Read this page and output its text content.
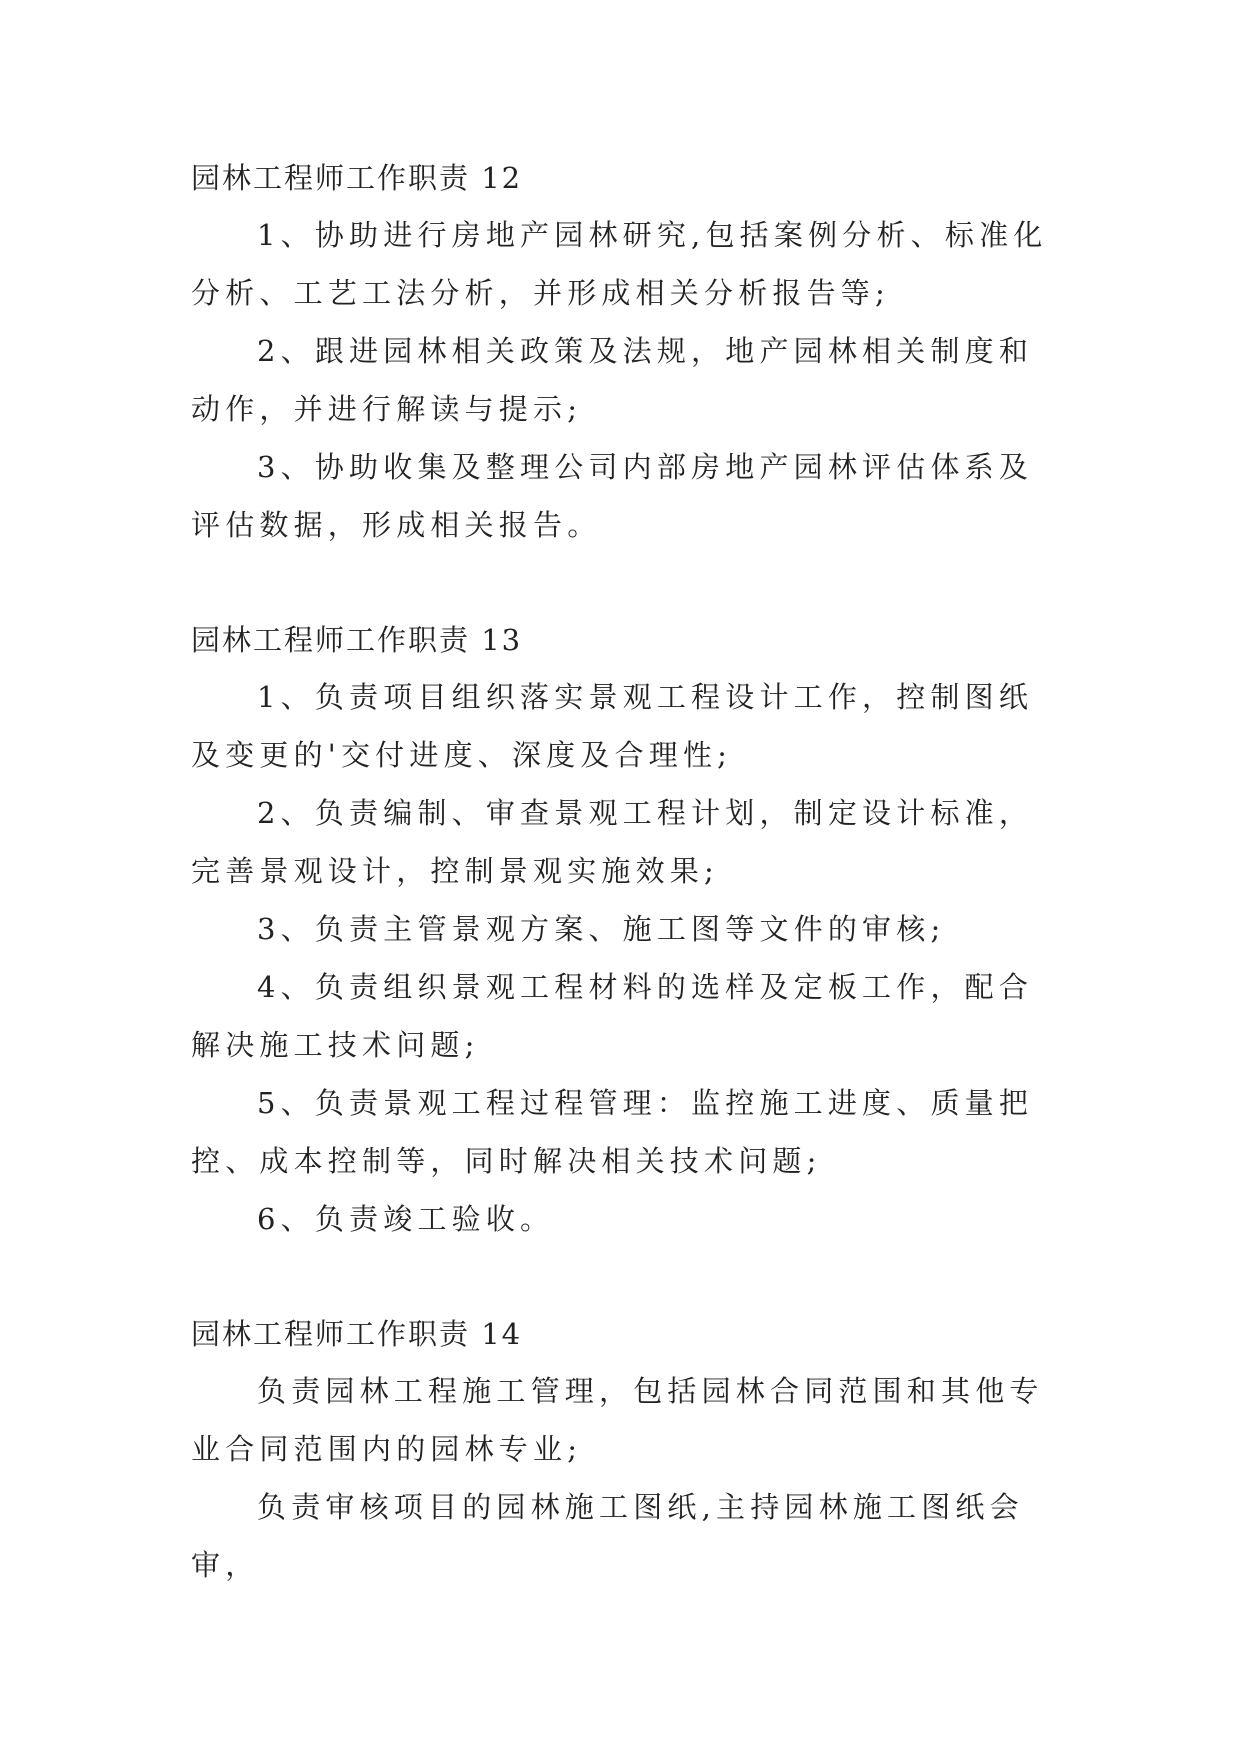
园林工程师工作职责 12

1、协助进行房地产园林研究,包括案例分析、标准化分析、工艺工法分析，并形成相关分析报告等;

2、跟进园林相关政策及法规，地产园林相关制度和动作，并进行解读与提示;

3、协助收集及整理公司内部房地产园林评估体系及评估数据，形成相关报告。

园林工程师工作职责 13

1、负责项目组织落实景观工程设计工作，控制图纸及变更的'交付进度、深度及合理性;

2、负责编制、审查景观工程计划，制定设计标准，完善景观设计，控制景观实施效果;

3、负责主管景观方案、施工图等文件的审核;

4、负责组织景观工程材料的选样及定板工作，配合解决施工技术问题;

5、负责景观工程过程管理：监控施工进度、质量把控、成本控制等，同时解决相关技术问题;

6、负责竣工验收。

园林工程师工作职责 14

负责园林工程施工管理，包括园林合同范围和其他专业合同范围内的园林专业;

负责审核项目的园林施工图纸,主持园林施工图纸会审，
